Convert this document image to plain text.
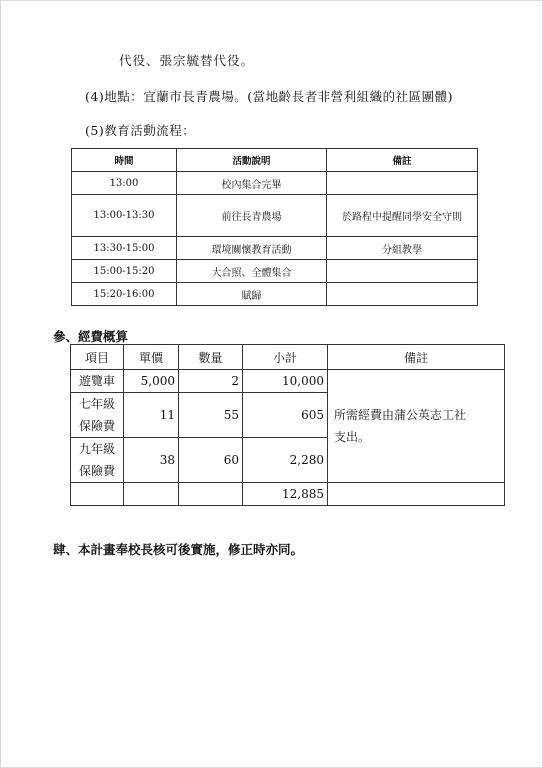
代役、張宗毓替代役。
(4)地點：宜蘭市長青農場。(當地齡長者非營利組織的社區團體)
(5)教育活動流程：
時間	活動說明	備註
13:00	校內集合完畢	
13:00-13:30	前往長青農場	於路程中提醒同學安全守則
13:30-15:00	環境關懷教育活動	分組教學
15:00-15:20	大合照、全體集合	
15:20-16:00	賦歸	
參、經費概算
項目	單價	數量	小計	備註
遊覽車	5,000	2	10,000	所需經費由蒲公英志工社
支出。

七年級
保險費	11	55	605	

九年級
保險費	38	60	2,280	
			12,885	
肆、本計畫奉校長核可後實施，修正時亦同。
